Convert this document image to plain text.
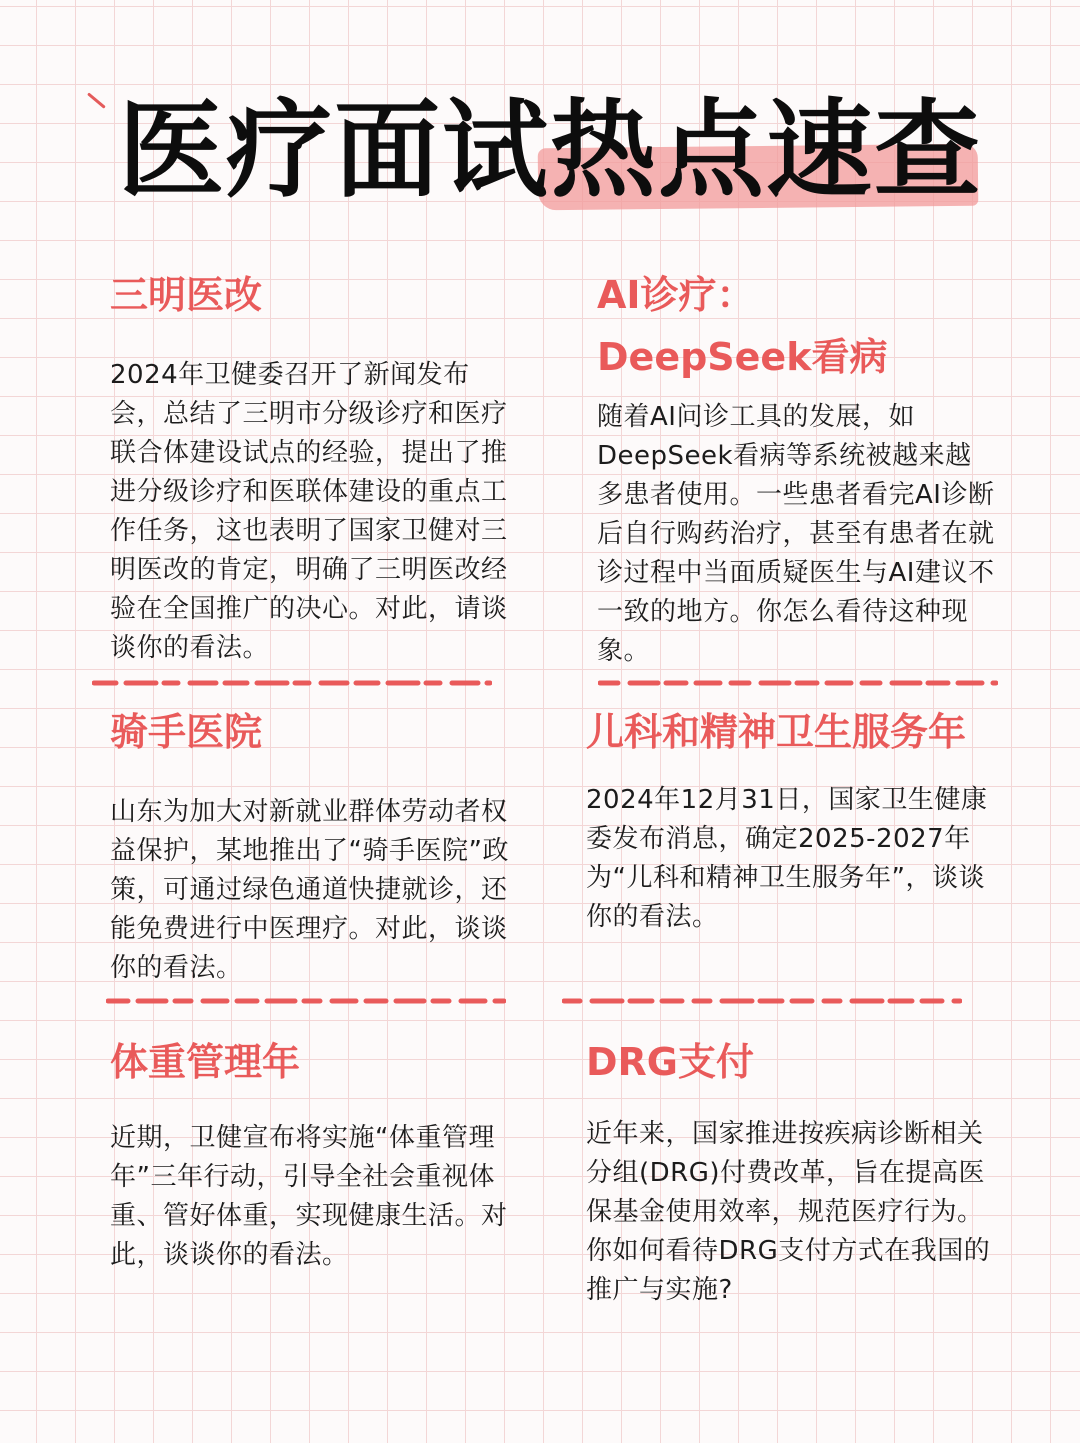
医疗面试热点速查
三明医改

2024年卫健委召开了新闻发布会，总结了三明市分级诊疗和医疗联合体建设试点的经验，提出了推进分级诊疗和医联体建设的重点工作任务，这也表明了国家卫健对三明医改的肯定，明确了三明医改经验在全国推广的决心。对此，请谈谈你的看法。

AI诊疗：
DeepSeek看病

随着AI问诊工具的发展，如DeepSeek看病等系统被越来越多患者使用。一些患者看完AI诊断后自行购药治疗，甚至有患者在就诊过程中当面质疑医生与AI建议不一致的地方。你怎么看待这种现象。

骑手医院

山东为加大对新就业群体劳动者权益保护，某地推出了“骑手医院”政策，可通过绿色通道快捷就诊，还能免费进行中医理疗。对此，谈谈你的看法。

儿科和精神卫生服务年

2024年12月31日，国家卫生健康委发布消息，确定2025-2027年为“儿科和精神卫生服务年”，谈谈你的看法。

体重管理年

近期，卫健宣布将实施“体重管理年”三年行动，引导全社会重视体重、管好体重，实现健康生活。对此，谈谈你的看法。

DRG支付

近年来，国家推进按疾病诊断相关分组(DRG)付费改革，旨在提高医保基金使用效率，规范医疗行为。你如何看待DRG支付方式在我国的推广与实施?
